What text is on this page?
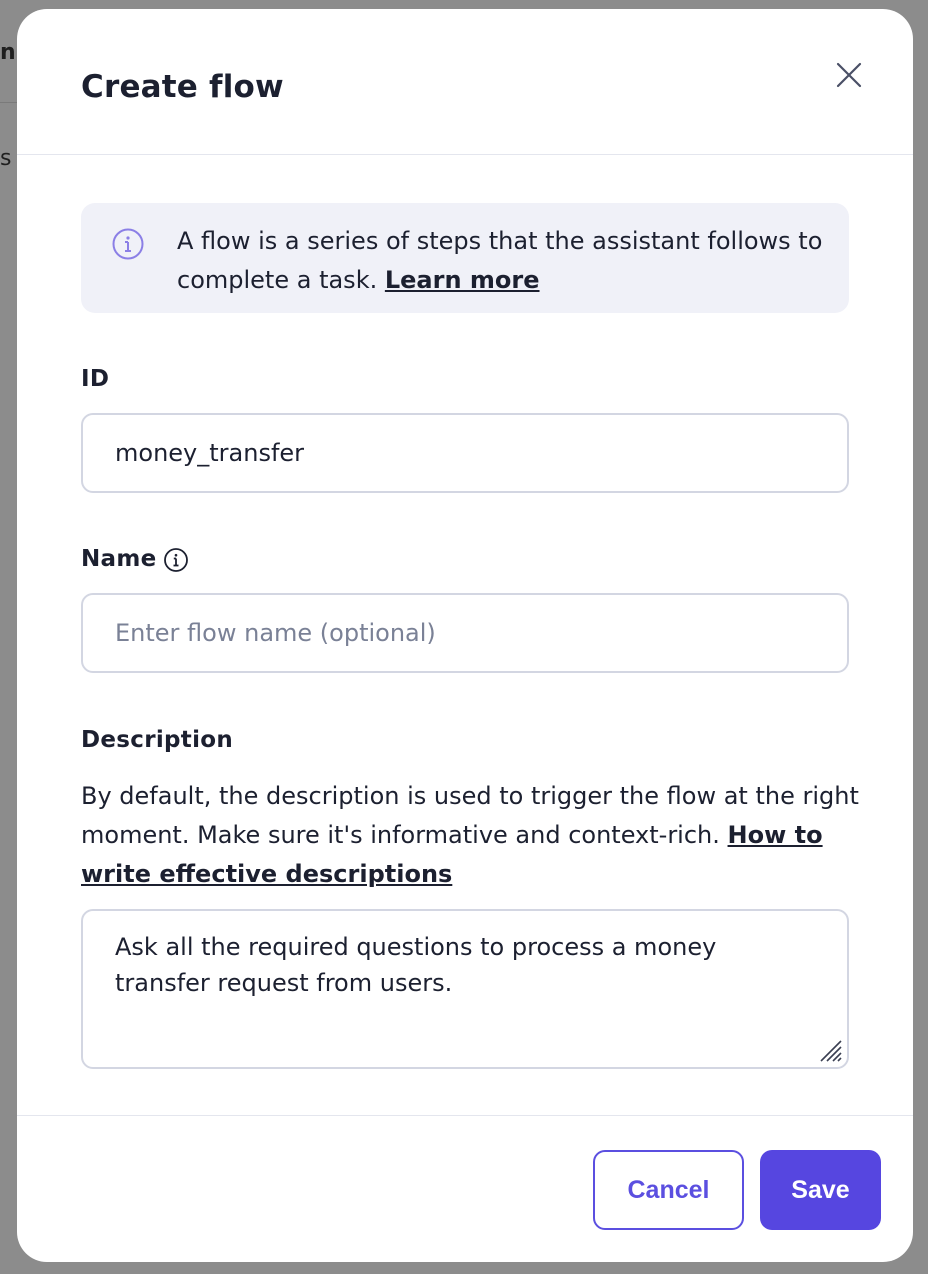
n
s
Create flow

A flow is a series of steps that the assistant follows to complete a task. Learn more

ID
money_transfer
Name
Enter flow name (optional)
Description

By default, the description is used to trigger the flow at the right moment. Make sure it's informative and context-rich. How to write effective descriptions

Ask all the required questions to process a money transfer request from users.
Cancel	Save
